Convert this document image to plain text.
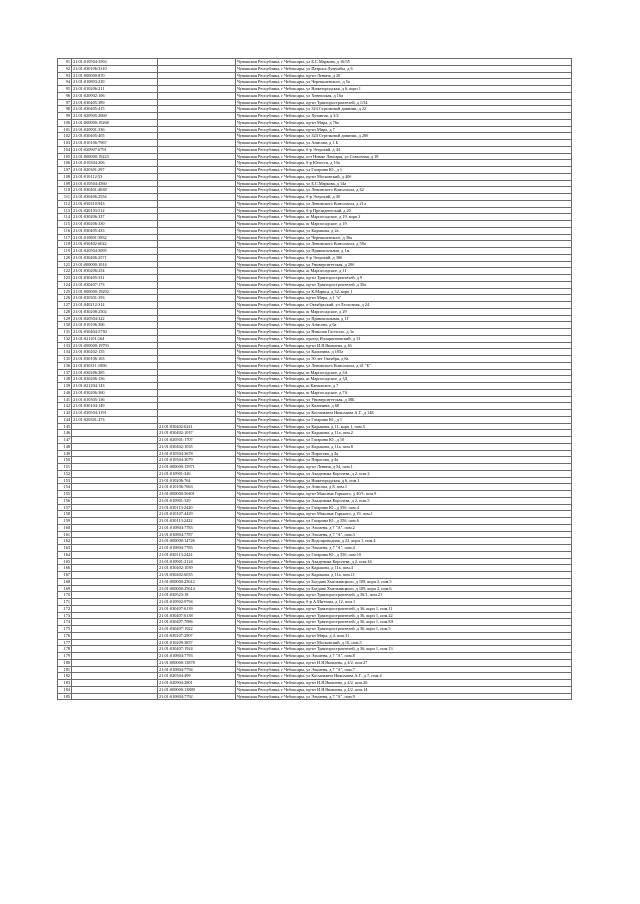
91	21:01:010504:3563		Чувашская Республика, г Чебоксары, ул Б.С.Маркова, д 16/35
92	21:01:030106:3310		Чувашская Республика, г Чебоксары, ул Патриса Лумумбы, д 6
93	21:01:000000:870		Чувашская Республика, г Чебоксары, пр-кт Ленина, д 20
94	21:01:010803:239		Чувашская Республика, г Чебоксары, ул Чернышевского, д 5а
95	21:01:010206:211		Чувашская Республика, г Чебоксары, ул Нижегородская, д 6, корп 1
96	21:01:020902:106		Чувашская Республика, г Чебоксары, ул Хевешская, д 16а
97	21:01:030405:389		Чувашская Республика, г Чебоксары, пр-кт Тракторостроителей, д 1/34
98	21:01:030405:415		Чувашская Республика, г Чебоксары, ул 324 Стрелковой дивизии, д 22
99	21:01:020905:2669		Чувашская Республика, г Чебоксары, ул Хузангая, д 3/2
100	21:01:000000:19268		Чувашская Республика, г Чебоксары, пр-кт Мира, д 76а
101	21:01:020901:336		Чувашская Республика, г Чебоксары, пр-кт Мира, д 7
102	21:01:030405:405		Чувашская Республика, г Чебоксары, ул 324 Стрелковой дивизии, д 28б
103	21:01:010106:7967		Чувашская Республика, г Чебоксары, ул Анисова, д 1 Б
104	21:01:020907:6791		Чувашская Республика, г Чебоксары, б-р Эгерский, д 44
105	21:01:000000:19223		Чувашская Республика, г Чебоксары, пгт Новые Лапсары, ул Совхозная, д 18
106	21:01:010304:206		Чувашская Республика, г Чебоксары, б-р Юности, д 10а
107	21:01:020301:297		Чувашская Республика, г Чебоксары, ул Гагарина Ю., д 1
108	21:01:010112:53		Чувашская Республика, г Чебоксары, пр-кт Московский, д 40б
109	21:01:010504:4560		Чувашская Республика, г Чебоксары, ул Б.С.Маркова, д 14а
110	21:01:030401:4638		Чувашская Республика, г Чебоксары, ул Ленинского Комсомола, д 42
111	21:01:030406:2554		Чувашская Республика, г Чебоксары, б-р Эгерский, д 40
112	21:01:030310:943		Чувашская Республика, г Чебоксары, ул Ленинского Комсомола, д 21а
113	21:01:020103:512		Чувашская Республика, г Чебоксары, б-р Президентский, д 20
114	21:01:030206:337		Чувашская Республика, г Чебоксары, ш Марпосадское, д 19, корп 2
115	21:01:030206:330		Чувашская Республика, г Чебоксары, ш Марпосадское, д 19
116	21:01:030405:433		Чувашская Республика, г Чебоксары, ул Кадыкова, д 2а
117	21:01:010801:5832		Чувашская Республика, г Чебоксары, ул Чернышевского, д 36а
118	21:01:030402:6022		Чувашская Республика, г Чебоксары, ул Ленинского Комсомола, д 58а
119	21:01:020504:3095		Чувашская Республика, г Чебоксары, ул Привокзальная, д 1ж
120	21:01:030406:2571		Чувашская Республика, г Чебоксары, б-р Эгерский, д 38б
121	21:01:000000:1014		Чувашская Республика, г Чебоксары, ул Университетская, д 20б
122	21:01:030206:254		Чувашская Республика, г Чебоксары, ш Марпосадское, д 11
123	21:01:030405:331		Чувашская Республика, г Чебоксары, пр-кт Тракторостроителей, д 9
124	21:01:030407:173		Чувашская Республика, г Чебоксары, пр-кт Тракторостроителей, д 30а
125	21:01:000000:19292		Чувашская Республика, г Чебоксары, ул К.Маркса, д 52, корп 1
126	21:01:030301:193		Чувашская Республика, г Чебоксары, пр-кт Мира, д 1 "е"
127	21:01:040212:314		Чувашская Республика, г Чебоксары, п Октябрьский, ул Лесхозная, д 24
128	21:01:030208:2502		Чувашская Республика, г Чебоксары, ш Марпосадское, д 29
129	21:01:020504:322		Чувашская Республика, г Чебоксары, ул Привокзальная, д 1Г
130	21:01:010106:306		Чувашская Республика, г Чебоксары, ул Анисова, д 6а
131	21:01:030404:5730		Чувашская Республика, г Чебоксары, ул Николая Гастелло, д 3а
132	21:01:021101:164		Чувашская Республика, г Чебоксары, проезд Илларионовский, д 13
133	21:01:000000:19793		Чувашская Республика, г Чебоксары, пр-кт И.Я.Яковлева, д 46
134	21:01:030202:155		Чувашская Республика, г Чебоксары, ул Калинина, д 105а
135	21:01:030106:163		Чувашская Республика, г Чебоксары, ул 50 лет Октября, д 8а
136	21:01:030311:1806		Чувашская Республика, г Чебоксары, ул Ленинского Комсомола, д 41 "Б"
137	21:01:030206:285		Чувашская Республика, г Чебоксары, ш Марпосадское, д 3А
138	21:01:030206:156		Чувашская Республика, г Чебоксары, ш Марпосадское, д 3Д
139	21:01:021204:143		Чувашская Республика, г Чебоксары, ш Канашское, д 7
140	21:01:030206:360		Чувашская Республика, г Чебоксары, ш Марпосадское, д 7А
141	21:01:010305:136		Чувашская Республика, г Чебоксары, ул Университетская, д 38Б
142	21:01:030104:149		Чувашская Республика, г Чебоксары, ул Калинина, д 68
143	21:01:020504:3191		Чувашская Республика, г Чебоксары, ул Космонавта Николаева А.Г., д 14Б
144	21:01:020301:273		Чувашская Республика, г Чебоксары, ул Гагарина Ю., д 1
145		21:01:030402:6241	Чувашская Республика, г Чебоксары, ул Кадыкова, д 11, корп 1, пом.5
146		21:01:030402:1037	Чувашская Республика, г Чебоксары, ул Кадыкова, д 11а, пом.2
147		21:01:020501:1707	Чувашская Республика, г Чебоксары, ул Гагарина Ю., д 10
148		21:01:030402:1035	Чувашская Республика, г Чебоксары, ул Кадыкова, д 11а, пом.8
149		21:01:010504:3678	Чувашская Республика, г Чебоксары, ул Пирогова, д 4а
150		21:01:010504:3079	Чувашская Республика, г Чебоксары, ул Пирогова, д 4а
151		21:01:000000:15971	Чувашская Республика, г Чебоксары, пр-кт Ленина, д 54, пом.1
152		21:01:010901:326	Чувашская Республика, г Чебоксары, ул Академика Королева, д 2, пом.2
153		21:01:010206:764	Чувашская Республика, г Чебоксары, ул Нижегородская, д 6, пом.1
154		21:01:010106:7663	Чувашская Республика, г Чебоксары, ул Анисова, д 8, пом.1
155		21:01:000000:50401	Чувашская Республика, г Чебоксары, пр-кт Максима Горького, д 40/1, пом.9
156		21:01:010901:329	Чувашская Республика, г Чебоксары, ул Академика Королева, д 2, пом.5
157		21:01:030113:2420	Чувашская Республика, г Чебоксары, ул Гагарина Ю., д 35б, пом.4
158		21:01:010107:4429	Чувашская Республика, г Чебоксары, пр-кт Максима Горького, д 19, пом.1
159		21:01:030113:2422	Чувашская Республика, г Чебоксары, ул Гагарина Ю., д 35б, пом.6
160		21:01:010804:7783	Чувашская Республика, г Чебоксары, ул Эльменя, д 7 "А", пом.2
161		21:01:010804:7787	Чувашская Республика, г Чебоксары, ул Эльменя, д 7 "А", пом.3
162		21:01:000000:14726	Чувашская Республика, г Чебоксары, ул Водопроводная, д 22, корп 1, пом.4
163		21:01:010804:7785	Чувашская Республика, г Чебоксары, ул Эльменя, д 7 "А", пом.4
164		21:01:030113:2424	Чувашская Республика, г Чебоксары, ул Гагарина Ю., д 35б, пом.10
165		21:01:010901:2124	Чувашская Республика, г Чебоксары, ул Академика Королева, д 2, пом.44
166		21:01:030402:1039	Чувашская Республика, г Чебоксары, ул Кадыкова, д 11а, пом.4
167		21:01:030402:6035	Чувашская Республика, г Чебоксары, ул Кадыкова, д 11а, пом.11
168		21:01:000000:25612	Чувашская Республика, г Чебоксары, ул Богдана Хмельницкого, д 109, корп 2, пом.5
169		21:01:000000:25614	Чувашская Республика, г Чебоксары, ул Богдана Хмельницкого, д 109, корп 2, пом.6
170		21:01:030523:18	Чувашская Республика, г Чебоксары, пр-кт Тракторостроителей, д 36/1, пом.21
171		21:01:010902:9794	Чувашская Республика, г Чебоксары, б-р А.Миттова, д 12, пом.1
172		21:01:030407:6139	Чувашская Республика, г Чебоксары, пр-кт Тракторостроителей, д 36, корп 1, пом.11
173		21:01:030407:6138	Чувашская Республика, г Чебоксары, пр-кт Тракторостроителей, д 36, корп 1, пом.22
174		21:01:030407:7086	Чувашская Республика, г Чебоксары, пр-кт Тракторостроителей, д 36, корп 1, пом.8А
175		21:01:030407:1922	Чувашская Республика, г Чебоксары, пр-кт Тракторостроителей, д 36, корп 1, пом.5
176		21:01:030107:2907	Чувашская Республика, г Чебоксары, пр-кт Мира, д 4, пом.31
177		21:01:010209:3857	Чувашская Республика, г Чебоксары, пр-кт Московский, д 10, пом.5
178		21:01:030407:1924	Чувашская Республика, г Чебоксары, пр-кт Тракторостроителей, д 36, корп 1, пом.13
179		21:01:010804:7793	Чувашская Республика, г Чебоксары, ул Эльменя, д 7 "А", пом.8
180		21:01:000000:13878	Чувашская Республика, г Чебоксары, пр-кт И.Я.Яковлева, д 4/2, пом.27
181		21:01:010804:7794	Чувашская Республика, г Чебоксары, ул Эльменя, д 7 "А", пом.7
182		21:01:020504:499	Чувашская Республика, г Чебоксары, ул Космонавта Николаева А.Г., д 7, пом.4
183		21:01:020904:2801	Чувашская Республика, г Чебоксары, пр-кт И.Я.Яковлева, д 4/2, пом.26
184		21:01:000000:13880	Чувашская Республика, г Чебоксары, пр-кт И.Я.Яковлева, д 4/2, пом.14
185		21:01:010804:7792	Чувашская Республика, г Чебоксары, ул Эльменя, д 7 "А", пом.9
